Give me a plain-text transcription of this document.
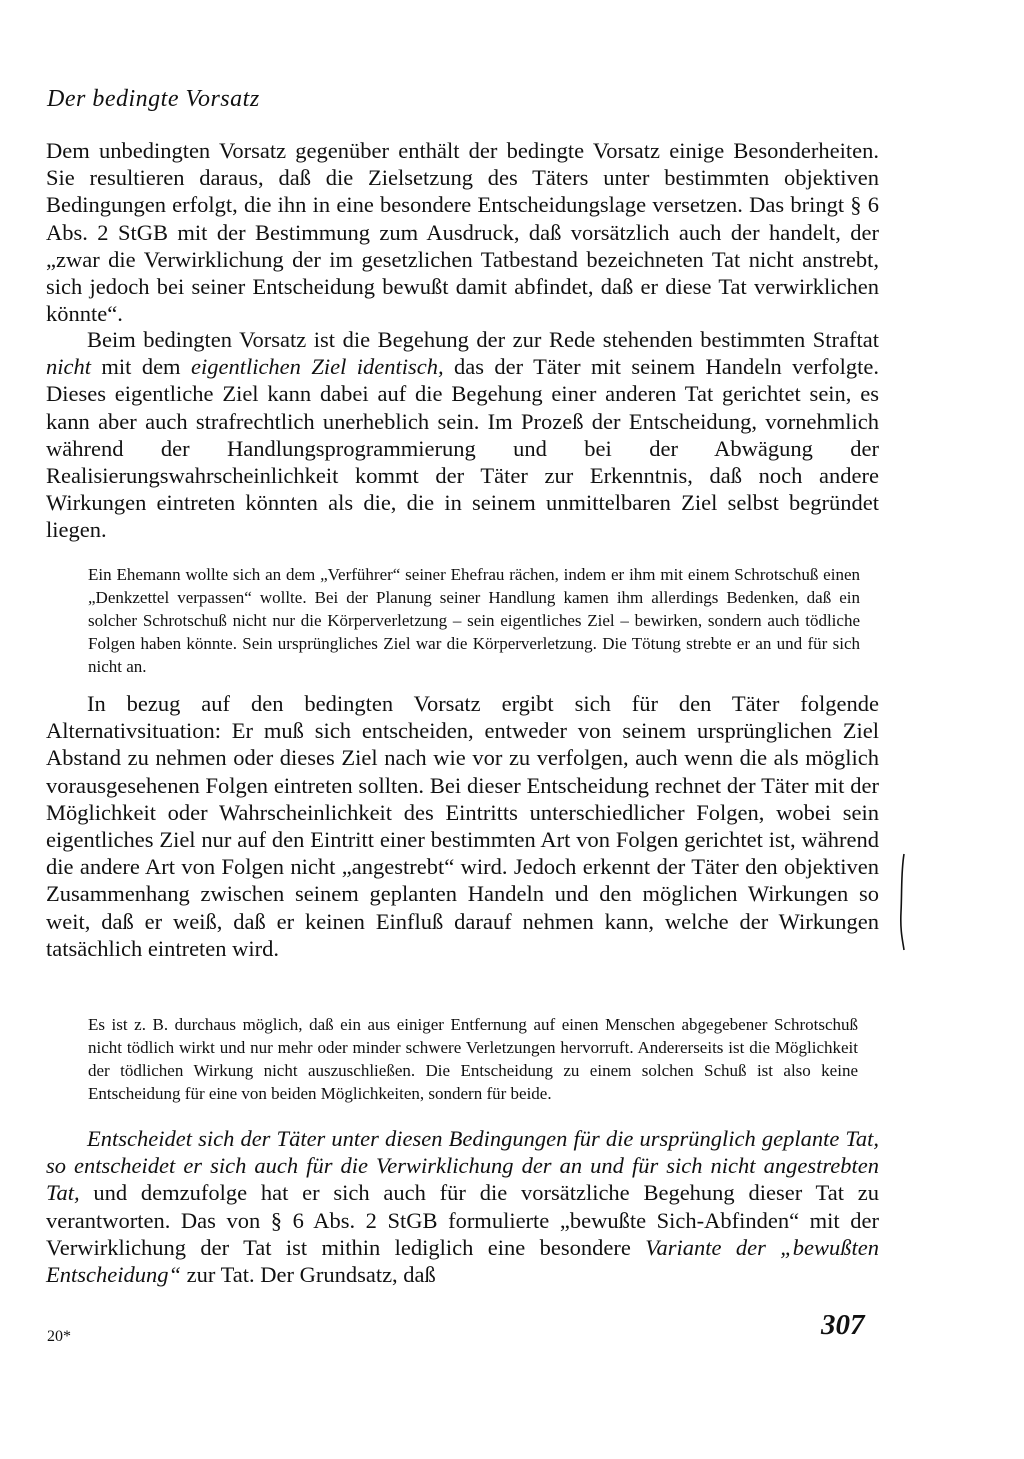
Der bedingte Vorsatz

Dem unbedingten Vorsatz gegenüber enthält der bedingte Vorsatz einige Besonderheiten. Sie resultieren daraus, daß die Zielsetzung des Täters unter bestimmten objektiven Bedingungen erfolgt, die ihn in eine besondere Entscheidungslage versetzen. Das bringt § 6 Abs. 2 StGB mit der Bestimmung zum Ausdruck, daß vorsätzlich auch der handelt, der „zwar die Verwirklichung der im gesetzlichen Tatbestand bezeichneten Tat nicht anstrebt, sich jedoch bei seiner Entscheidung bewußt damit abfindet, daß er diese Tat verwirklichen könnte“.

Beim bedingten Vorsatz ist die Begehung der zur Rede stehenden bestimmten Straftat nicht mit dem eigentlichen Ziel identisch, das der Täter mit seinem Handeln verfolgte. Dieses eigentliche Ziel kann dabei auf die Begehung einer anderen Tat gerichtet sein, es kann aber auch strafrechtlich unerheblich sein. Im Prozeß der Entscheidung, vornehmlich während der Handlungsprogrammierung und bei der Abwägung der Realisierungswahrscheinlichkeit kommt der Täter zur Erkenntnis, daß noch andere Wirkungen eintreten könnten als die, die in seinem unmittelbaren Ziel selbst begründet liegen.

Ein Ehemann wollte sich an dem „Verführer“ seiner Ehefrau rächen, indem er ihm mit einem Schrotschuß einen „Denkzettel verpassen“ wollte. Bei der Planung seiner Handlung kamen ihm allerdings Bedenken, daß ein solcher Schrotschuß nicht nur die Körperverletzung – sein eigentliches Ziel – bewirken, sondern auch tödliche Folgen haben könnte. Sein ursprüngliches Ziel war die Körperverletzung. Die Tötung strebte er an und für sich nicht an.

In bezug auf den bedingten Vorsatz ergibt sich für den Täter folgende Alternativsituation: Er muß sich entscheiden, entweder von seinem ursprünglichen Ziel Abstand zu nehmen oder dieses Ziel nach wie vor zu verfolgen, auch wenn die als möglich vorausgesehenen Folgen eintreten sollten. Bei dieser Entscheidung rechnet der Täter mit der Möglichkeit oder Wahrscheinlichkeit des Eintritts unterschiedlicher Folgen, wobei sein eigentliches Ziel nur auf den Eintritt einer bestimmten Art von Folgen gerichtet ist, während die andere Art von Folgen nicht „angestrebt“ wird. Jedoch erkennt der Täter den objektiven Zusammenhang zwischen seinem geplanten Handeln und den möglichen Wirkungen so weit, daß er weiß, daß er keinen Einfluß darauf nehmen kann, welche der Wirkungen tatsächlich eintreten wird.

Es ist z. B. durchaus möglich, daß ein aus einiger Entfernung auf einen Menschen abgegebener Schrotschuß nicht tödlich wirkt und nur mehr oder minder schwere Verletzungen hervorruft. Andererseits ist die Möglichkeit der tödlichen Wirkung nicht auszuschließen. Die Entscheidung zu einem solchen Schuß ist also keine Entscheidung für eine von beiden Möglichkeiten, sondern für beide.

Entscheidet sich der Täter unter diesen Bedingungen für die ursprünglich geplante Tat, so entscheidet er sich auch für die Verwirklichung der an und für sich nicht angestrebten Tat, und demzufolge hat er sich auch für die vorsätzliche Begehung dieser Tat zu verantworten. Das von § 6 Abs. 2 StGB formulierte „bewußte Sich-Abfinden“ mit der Verwirklichung der Tat ist mithin lediglich eine besondere Variante der „bewußten Entscheidung“ zur Tat. Der Grundsatz, daß

20*	307
